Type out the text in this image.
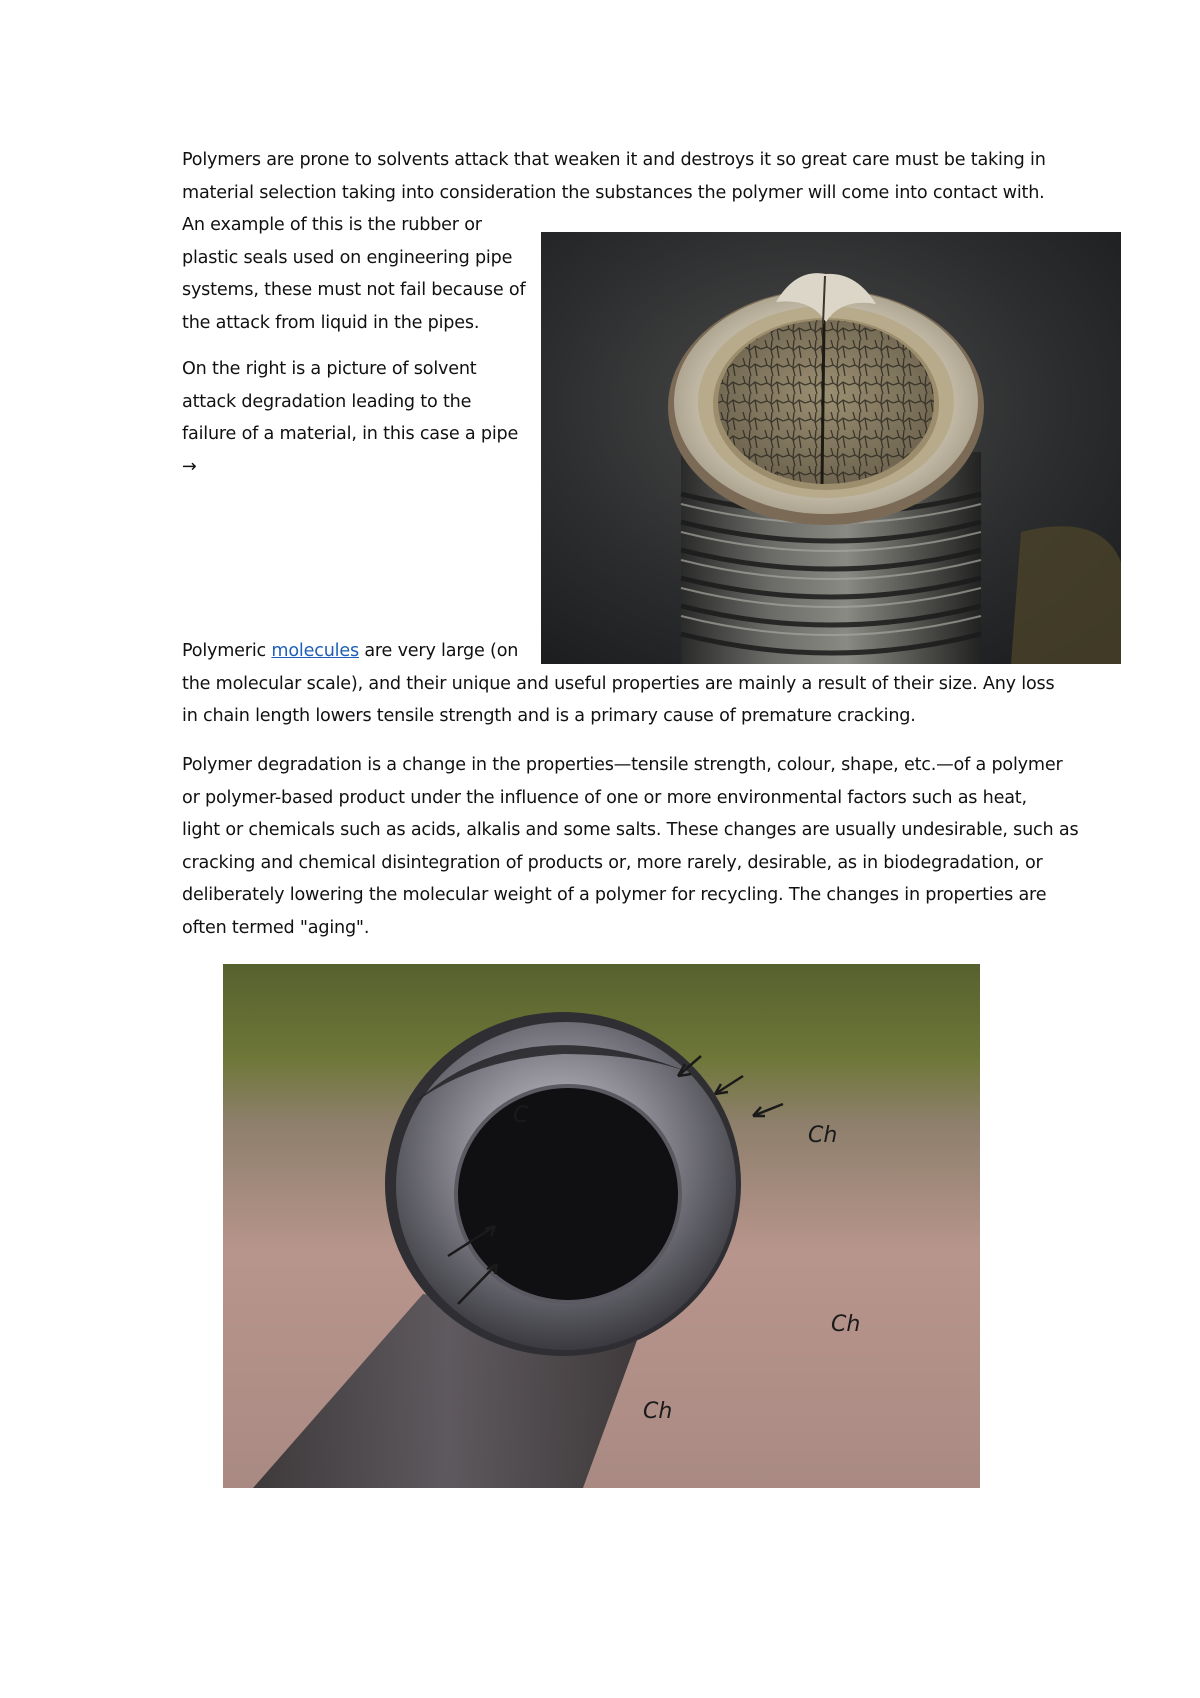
Polymers are prone to solvents attack that weaken it and destroys it so great care must be taking in
material selection taking into consideration the substances the polymer will come into contact with.
An example of this is the rubber or
plastic seals used on engineering pipe
systems, these must not fail because of
the attack from liquid in the pipes.

On the right is a picture of solvent
attack degradation leading to the
failure of a material, in this case a pipe
→

Polymeric molecules are very large (on
the molecular scale), and their unique and useful properties are mainly a result of their size. Any loss
in chain length lowers tensile strength and is a primary cause of premature cracking.

Polymer degradation is a change in the properties—tensile strength, colour, shape, etc.—of a polymer
or polymer-based product under the influence of one or more environmental factors such as heat,
light or chemicals such as acids, alkalis and some salts. These changes are usually undesirable, such as
cracking and chemical disintegration of products or, more rarely, desirable, as in biodegradation, or
deliberately lowering the molecular weight of a polymer for recycling. The changes in properties are
often termed "aging".

C
Ch
Ch
Ch
